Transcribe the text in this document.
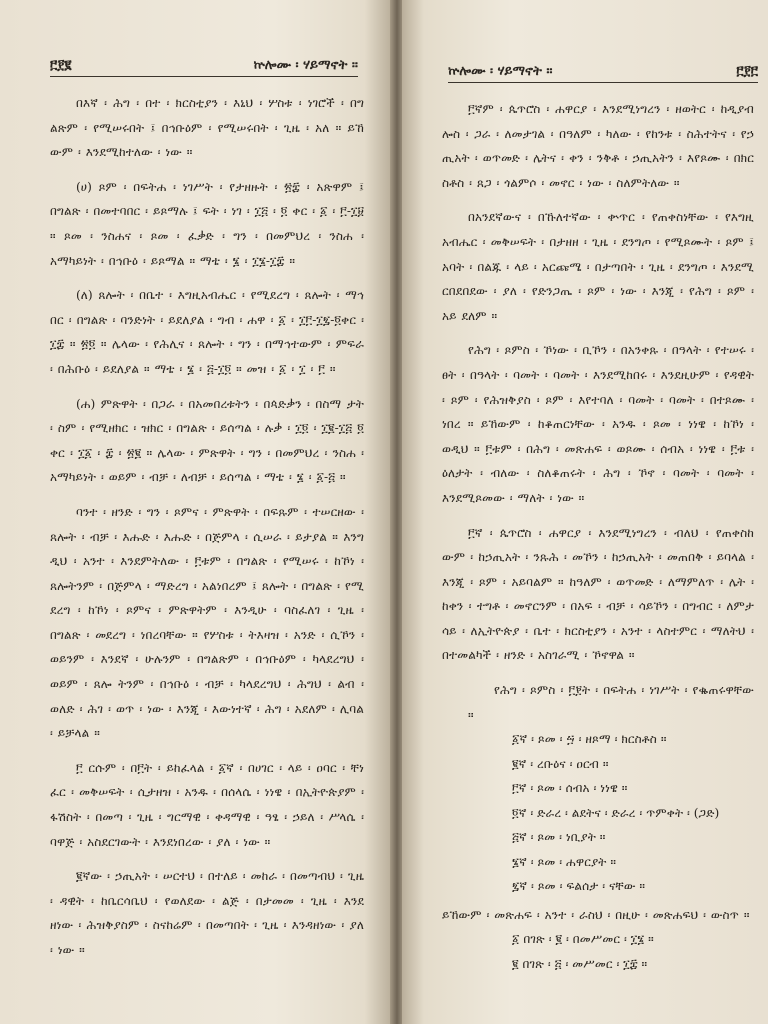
፫፻፪	ኵሎሙ ፡ ሃይማኖት ።

በእኛ ፡ ሕግ ፡ በተ ፡ ክርስቲያን ፡ እኒህ ፡ ሦስቱ ፡ ነገሮች ፡ በግ ልጽም ፡ የሚሠሩበት ፤ በኅቡዕም ፡ የሚሠሩበት ፡ ጊዜ ፡ አለ ። ይኸ ውም ፡ እንደሚከተለው ፡ ነው ።

(ሀ) ጾም ፡ በፍትሐ ፡ ነገሥት ፡ የታዘዙት ፡ ፳፰ ፡ አጽዋም ፤ በግልጽ ፡ በመተባበር ፡ ይጾማሉ ፤ ፍት ፡ ነገ ፡ ፲፭ ፡ ፬ ቀር ፡ ፩ ፡ ፫-፲፱ ። ጾመ ፡ ንስሐና ፡ ጾመ ፡ ፈቃድ ፡ ግን ፡ በመምህረ ፡ ንስሐ ፡ አማካይነት ፡ በኅቡዕ ፡ ይጾማል ። ማቴ ፡ ፮ ፡ ፲፮-፲፰ ።

(ለ) ጸሎት ፡ በቤተ ፡ እግዚአብሔር ፡ የሚደረግ ፡ ጸሎት ፡ ማኅ በር ፡ በግልጽ ፡ ባንድነት ፡ ይደለያል ፡ ግብ ፡ ሐዋ ፡ ፩ ፡ ፲፫-፲፯-፬ቀር ፡ ፲፰ ። ፳፬ ። ሌላው ፡ የሕሊና ፡ ጸሎት ፡ ግን ፡ በማኅተውም ፡ ምፍራ ፡ በሕቡዕ ፡ ይደለያል ። ማቴ ፡ ፮ ፡ ፭-፲፬ ። መዝ ፡ ፩ ፡ ፲ ፡ ፫ ።

(ሐ) ምጽዋት ፡ በጋራ ፡ በአመበረቱትን ፡ በጳድቃን ፡ በስማ ታት ፡ ስም ፡ የሚዘክር ፡ ዝክር ፡ በግልጽ ፡ ይሰጣል ፡ ሉቃ ፡ ፲፬ ፡ ፲፪-፲፭ ፬ ቀር ፡ ፲፩ ፡ ፰ ፡ ፳፪ ። ሌላው ፡ ምጽዋት ፡ ግን ፡ በመምህረ ፡ ንስሐ ፡ አማካይነት ፡ ወይም ፡ ብቻ ፡ ለብቻ ፡ ይሰጣል ፡ ማቴ ፡ ፮ ፡ ፩-፭ ።

ባንተ ፡ ዘንድ ፡ ግን ፡ ጾምና ፡ ምጽዋት ፡ በፍጹም ፡ ተሠርዘው ፡ ጸሎት ፡ ብቻ ፡ እሑድ ፡ እሑድ ፡ በጅምላ ፡ ሲሠራ ፡ ይታያል ። እንግ ዲህ ፡ አንተ ፡ እንደምትለው ፡ ፫ቱም ፡ በግልጽ ፡ የሚሠሩ ፡ ከኾነ ፡ ጸሎትንም ፡ በጅምላ ፡ ማድረግ ፡ አልነበረም ፤ ጸሎት ፡ በግልጽ ፡ የሚ ደረግ ፡ ከኾነ ፡ ጾምና ፡ ምጽዋትም ፡ እንዲሁ ፡ ባስፈለገ ፡ ጊዜ ፡ በግልጽ ፡ መደረግ ፡ ነበረባቸው ። የሦስቱ ፡ ትእዛዝ ፡ አንድ ፡ ሲኾን ፡ ወይንም ፡ እንደኛ ፡ ሁሉንም ፡ በግልጽም ፡ በኅቡዕም ፡ ካላደረግህ ፡ ወይም ፡ ጸሎ ትንም ፡ በኅቡዕ ፡ ብቻ ፡ ካላደረግህ ፡ ሕግህ ፡ ልብ ፡ ወለድ ፡ ሕገ ፡ ወጥ ፡ ነው ፡ እንጂ ፡ እውነተኛ ፡ ሕግ ፡ አደለም ፡ ሊባል ፡ ይቻላል ።

፫ ርሱም ፡ በ፫ት ፡ ይከፈላል ፡ ፩ኛ ፡ በሀገር ፡ ላይ ፡ ዐባር ፡ ቸነ ፈር ፡ መቅሠፍት ፡ ሲታዘዝ ፡ አንዱ ፡ በሰላሴ ፡ ነነዌ ፡ በኢትዮጵያም ፡ ፋሽስት ፡ በመጣ ፡ ጊዜ ፡ ግርማዊ ፡ ቀዳማዊ ፡ ዓፄ ፡ ኃይለ ፡ ሥላሴ ፡ ባዋጅ ፡ አስደርገውት ፡ እንደነበረው ፡ ያለ ፡ ነው ።

፪ኛው ፡ ኃጢአት ፡ ሠርተህ ፡ በተለይ ፡ መከራ ፡ በመጣብህ ፡ ጊዜ ፡ ዳዊት ፡ ከቤርሳቤህ ፡ የወለደው ፡ ልጅ ፡ በታመመ ፡ ጊዜ ፡ እንደ ዘነው ፡ ሕዝቅያስም ፡ ስናከሬም ፡ በመጣበት ፡ ጊዜ ፡ እንዳዘነው ፡ ያለ ፡ ነው ።

ኵሎሙ ፡ ሃይማኖት ።	፫፻፫

፫ኛም ፡ ጴጥሮስ ፡ ሐዋርያ ፡ እንደሚነግረን ፡ ዘወትር ፡ ከዲያብ ሎስ ፡ ጋራ ፡ ለመታገል ፡ በዓለም ፡ ካለው ፡ የከንቱ ፡ ስሕተትና ፡ የኃ ጢአት ፡ ወጥመድ ፡ ሌትና ፡ ቀን ፡ ንቅቶ ፡ ኃጢአትን ፡ እየጾሙ ፡ በክር ስቶስ ፡ ጸጋ ፡ ጎልምሶ ፡ መኖር ፡ ነው ፡ ስለምትለው ።

በአንደኛውና ፡ በኹለተኛው ፡ ቍጥር ፡ የጠቀስነቸው ፡ የእግዚ አብሔር ፡ መቅሠፍት ፡ በታዘዘ ፡ ጊዜ ፡ ደንግጦ ፡ የሚጾሙት ፡ ጾም ፤ አባት ፡ በልጁ ፡ ላይ ፡ አርጩሜ ፡ በታጣበት ፡ ጊዜ ፡ ደንግጦ ፡ እንደሚ ርበደበደው ፡ ያለ ፡ የድንጋጤ ፡ ጾም ፡ ነው ፡ እንጂ ፡ የሕግ ፡ ጾም ፡ አይ ደለም ።

የሕግ ፡ ጾምስ ፡ ኾነው ፡ ቢኾን ፡ በአንቀጹ ፡ በዓላት ፡ የተሠሩ ፡ ፀት ፡ በዓላት ፡ ባመት ፡ ባመት ፡ እንደሚከበሩ ፡ እንደዚሁም ፡ የዳዊት ፡ ጾም ፡ የሕዝቅያስ ፡ ጾም ፡ እየተባለ ፡ ባመት ፡ ባመት ፡ በተጾሙ ፡ ነበረ ። ይኸውም ፡ ከቆጠርነቸው ፡ አንዱ ፡ ጾመ ፡ ነነዌ ፡ ከኾነ ፡ ወዲህ ። ፫ቱም ፡ በሕግ ፡ መጽሐፍ ፡ ወጾሙ ፡ ሰብአ ፡ ነነዌ ፡ ፫ቱ ፡ ዕለታት ፡ ብለው ፡ ስለቆጠሩት ፡ ሕግ ፡ ኾኖ ፡ ባመት ፡ ባመት ፡ እንደሚጾመው ፡ ማለት ፡ ነው ።

፫ኛ ፡ ጴጥሮስ ፡ ሐዋርያ ፡ እንደሚነግረን ፡ ብለህ ፡ የጠቀስከ ውም ፡ ከኃጢአት ፡ ንጹሕ ፡ መኾን ፡ ከኃጢአት ፡ መጠበቅ ፡ ይባላል ፡ እንጂ ፡ ጾም ፡ አይባልም ። ከዓለም ፡ ወጥመድ ፡ ለማምለጥ ፡ ሌት ፡ ከቀን ፡ ተግቶ ፡ መኖርንም ፡ በአፍ ፡ ብቻ ፡ ሳይኾን ፡ በግብር ፡ ለምታ ሳይ ፡ ለኢትዮጵያ ፡ ቤተ ፡ ክርስቲያን ፡ አንተ ፡ ላስተምር ፡ ማለትህ ፡ በተመልካች ፡ ዘንድ ፡ አስገራሚ ፡ ኾኖዋል ።

የሕግ ፡ ጾምስ ፡ ፫፻ት ፡ በፍትሐ ፡ ነገሥት ፡ የቈጠሩዋቸው ።

፩ኛ ፡ ጾመ ፡ ፵ ፡ ዘጾማ ፡ ክርስቶስ ።
፪ኛ ፡ ረቡዕና ፡ ዐርብ ።
፫ኛ ፡ ጾመ ፡ ሰብአ ፡ ነነዌ ።
፬ኛ ፡ ድራረ ፡ ልደትና ፡ ድራረ ፡ ጥምቀት ፡ (ጋድ)
፭ኛ ፡ ጾመ ፡ ነቢያት ።
፮ኛ ፡ ጾመ ፡ ሐዋርያት ።
፯ኛ ፡ ጾመ ፡ ፍልሰታ ፡ ናቸው ።

ይኸውም ፡ መጽሐፍ ፡ አንተ ፡ ራስህ ፡ በዚሁ ፡ መጽሐፍህ ፡ ውስጥ ።

፩ በገጽ ፡ ፪ ፡ በመሥመር ፡ ፲፮ ።
፪ በገጽ ፡ ፭ ፡ መሥመር ፡ ፲፰ ።
